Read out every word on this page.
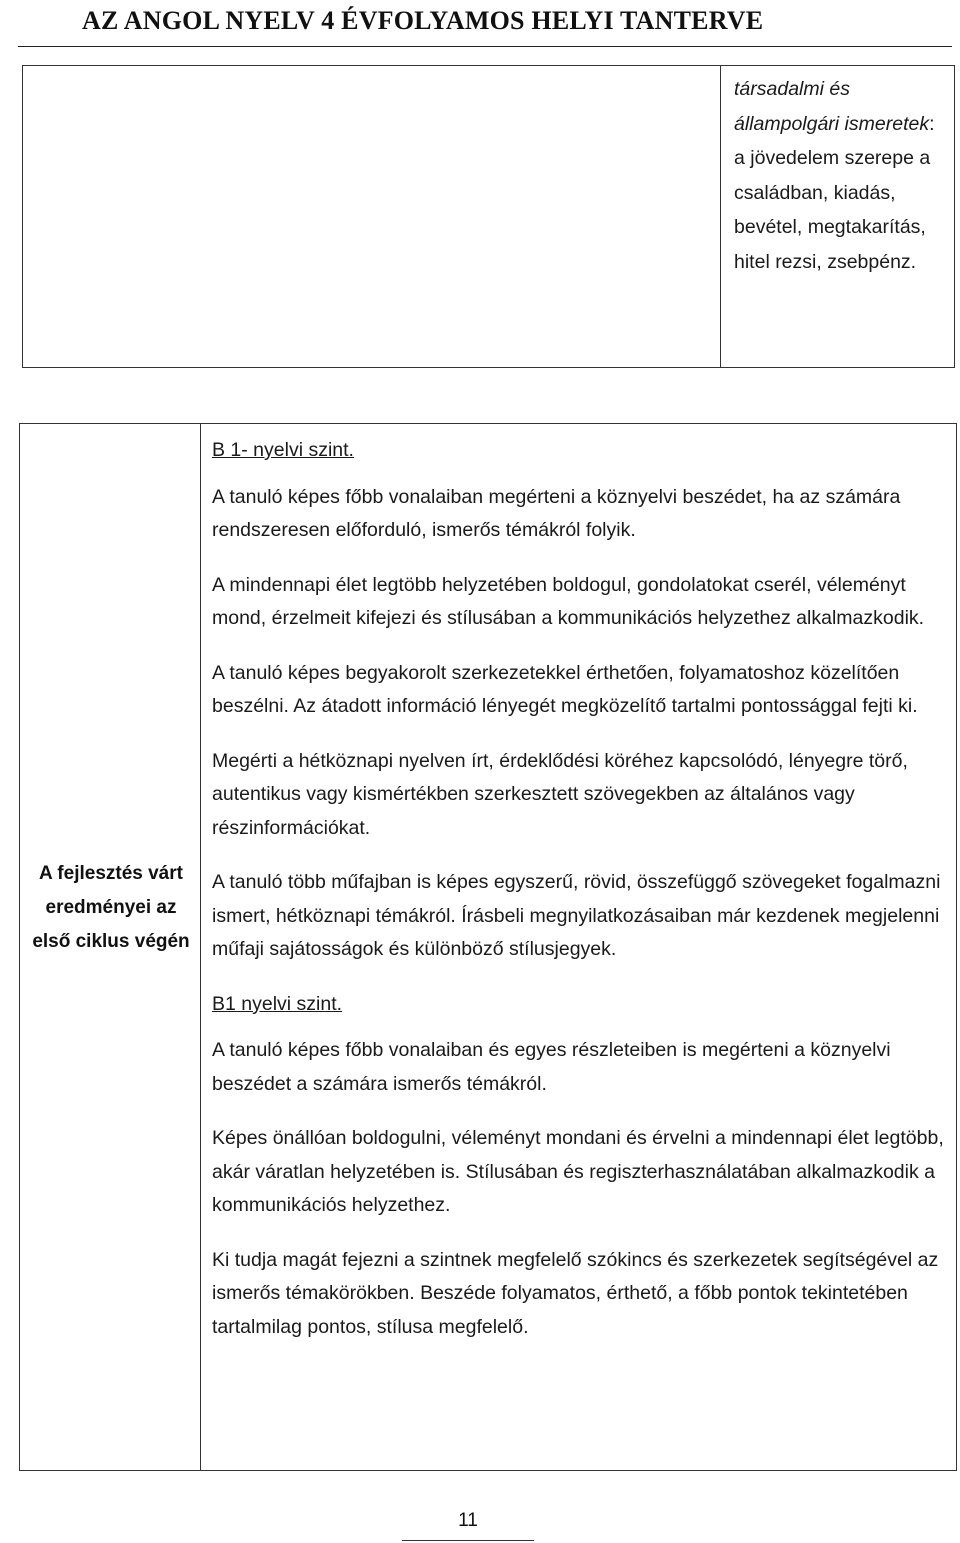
AZ ANGOL NYELV 4 ÉVFOLYAMOS HELYI TANTERVE
társadalmi és állampolgári ismeretek: a jövedelem szerepe a családban, kiadás, bevétel, megtakarítás, hitel rezsi, zsebpénz.
A fejlesztés várt eredményei az első ciklus végén

B 1- nyelvi szint.

A tanuló képes főbb vonalaiban megérteni a köznyelvi beszédet, ha az számára rendszeresen előforduló, ismerős témákról folyik.

A mindennapi élet legtöbb helyzetében boldogul, gondolatokat cserél, véleményt mond, érzelmeit kifejezi és stílusában a kommunikációs helyzethez alkalmazkodik.

A tanuló képes begyakorolt szerkezetekkel érthetően, folyamatoshoz közelítően beszélni. Az átadott információ lényegét megközelítő tartalmi pontossággal fejti ki.

Megérti a hétköznapi nyelven írt, érdeklődési köréhez kapcsolódó, lényegre törő, autentikus vagy kismértékben szerkesztett szövegekben az általános vagy részinformációkat.

A tanuló több műfajban is képes egyszerű, rövid, összefüggő szövegeket fogalmazni ismert, hétköznapi témákról. Írásbeli megnyilatkozásaiban már kezdenek megjelenni műfaji sajátosságok és különböző stílusjegyek.

B1 nyelvi szint.

A tanuló képes főbb vonalaiban és egyes részleteiben is megérteni a köznyelvi beszédet a számára ismerős témákról.

Képes önállóan boldogulni, véleményt mondani és érvelni a mindennapi élet legtöbb, akár váratlan helyzetében is. Stílusában és regiszterhasználatában alkalmazkodik a kommunikációs helyzethez.

Ki tudja magát fejezni a szintnek megfelelő szókincs és szerkezetek segítségével az ismerős témakörökben. Beszéde folyamatos, érthető, a főbb pontok tekintetében tartalmilag pontos, stílusa megfelelő.

11
